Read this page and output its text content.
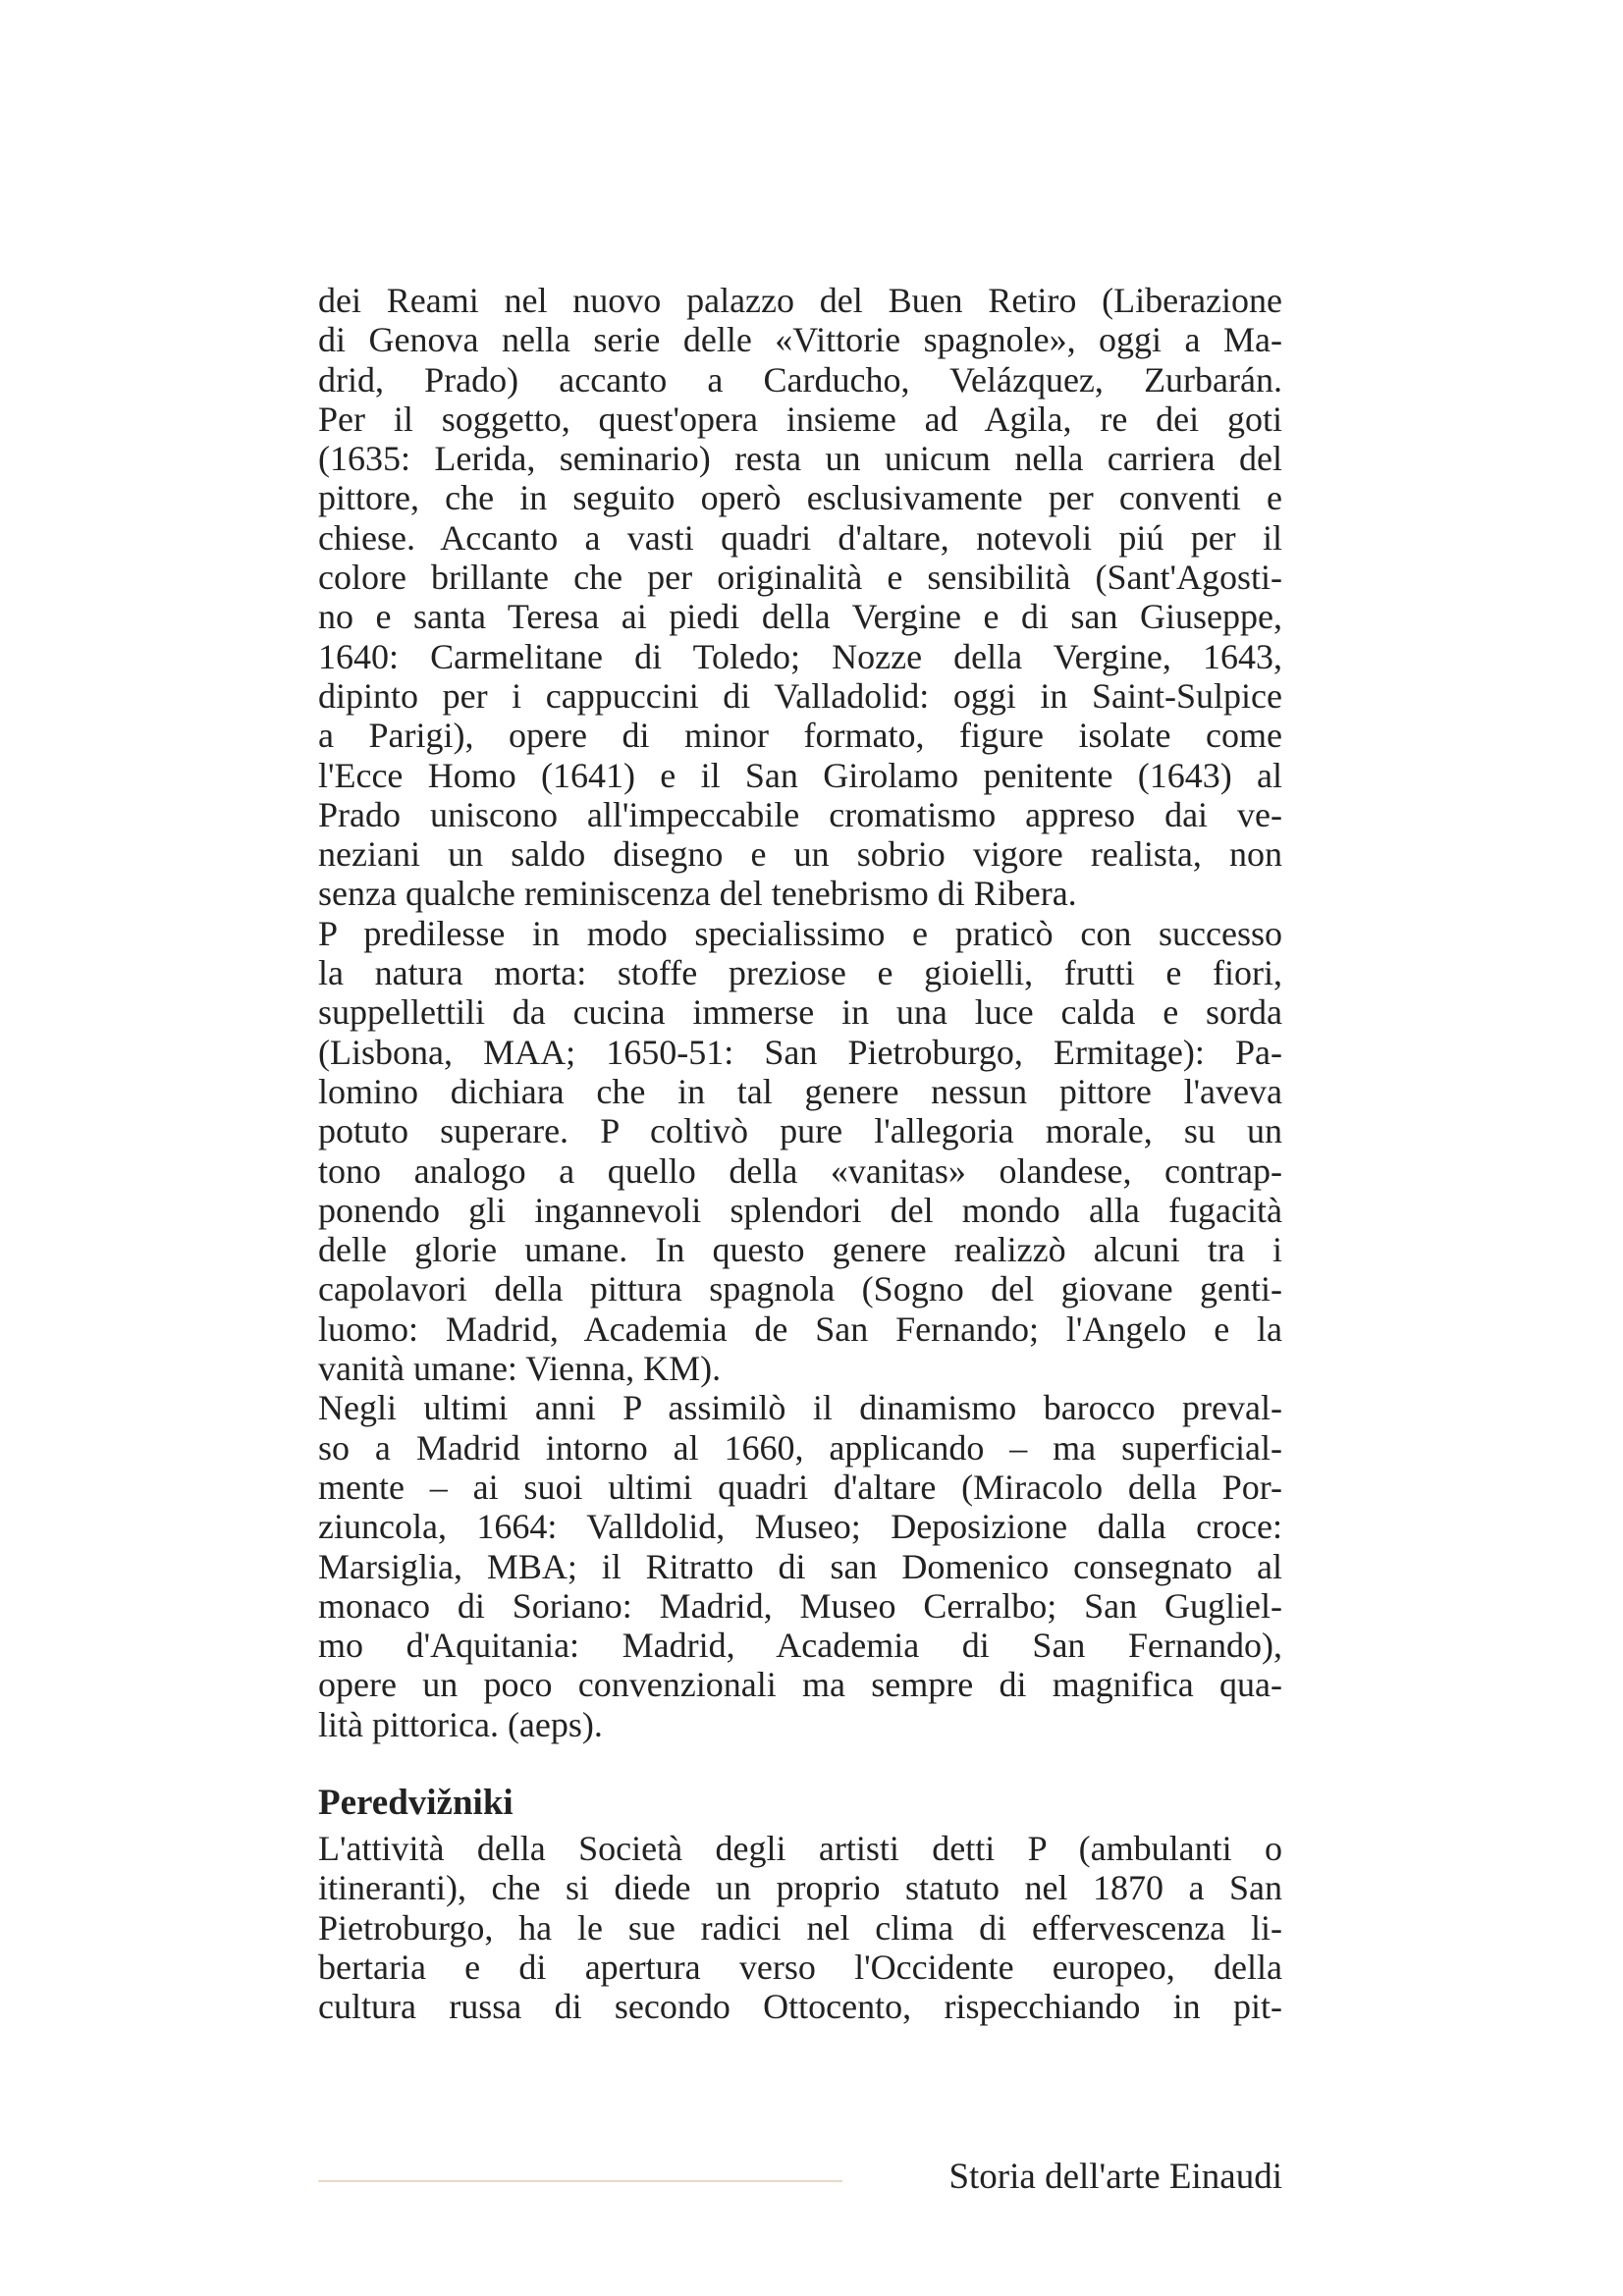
dei Reami nel nuovo palazzo del Buen Retiro (Liberazione
di Genova nella serie delle «Vittorie spagnole», oggi a Ma-
drid, Prado) accanto a Carducho, Velázquez, Zurbarán.
Per il soggetto, quest'opera insieme ad Agila, re dei goti
(1635: Lerida, seminario) resta un unicum nella carriera del
pittore, che in seguito operò esclusivamente per conventi e
chiese. Accanto a vasti quadri d'altare, notevoli piú per il
colore brillante che per originalità e sensibilità (Sant'Agosti-
no e santa Teresa ai piedi della Vergine e di san Giuseppe,
1640: Carmelitane di Toledo; Nozze della Vergine, 1643,
dipinto per i cappuccini di Valladolid: oggi in Saint-Sulpice
a Parigi), opere di minor formato, figure isolate come
l'Ecce Homo (1641) e il San Girolamo penitente (1643) al
Prado uniscono all'impeccabile cromatismo appreso dai ve-
neziani un saldo disegno e un sobrio vigore realista, non
senza qualche reminiscenza del tenebrismo di Ribera.
P predilesse in modo specialissimo e praticò con successo
la natura morta: stoffe preziose e gioielli, frutti e fiori,
suppellettili da cucina immerse in una luce calda e sorda
(Lisbona, MAA; 1650-51: San Pietroburgo, Ermitage): Pa-
lomino dichiara che in tal genere nessun pittore l'aveva
potuto superare. P coltivò pure l'allegoria morale, su un
tono analogo a quello della «vanitas» olandese, contrap-
ponendo gli ingannevoli splendori del mondo alla fugacità
delle glorie umane. In questo genere realizzò alcuni tra i
capolavori della pittura spagnola (Sogno del giovane genti-
luomo: Madrid, Academia de San Fernando; l'Angelo e la
vanità umane: Vienna, KM).
Negli ultimi anni P assimilò il dinamismo barocco preval-
so a Madrid intorno al 1660, applicando – ma superficial-
mente – ai suoi ultimi quadri d'altare (Miracolo della Por-
ziuncola, 1664: Valldolid, Museo; Deposizione dalla croce:
Marsiglia, MBA; il Ritratto di san Domenico consegnato al
monaco di Soriano: Madrid, Museo Cerralbo; San Gugliel-
mo d'Aquitania: Madrid, Academia di San Fernando),
opere un poco convenzionali ma sempre di magnifica qua-
lità pittorica. (aeps).
Peredvižniki
L'attività della Società degli artisti detti P (ambulanti o
itineranti), che si diede un proprio statuto nel 1870 a San
Pietroburgo, ha le sue radici nel clima di effervescenza li-
bertaria e di apertura verso l'Occidente europeo, della
cultura russa di secondo Ottocento, rispecchiando in pit-
Storia dell'arte Einaudi
